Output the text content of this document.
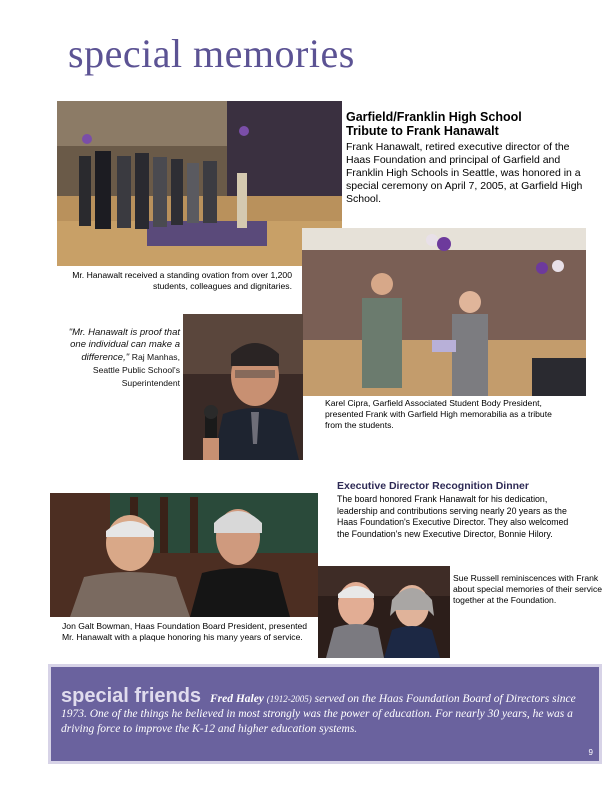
special memories
Garfield/Franklin High School
Tribute to Frank Hanawalt
Frank Hanawalt, retired executive director of the Haas Foundation and principal of Garfield and Franklin High Schools in Seattle, was honored in a special ceremony on April 7, 2005, at Garfield High School.
Mr. Hanawalt received a standing ovation from over 1,200 students, colleagues and dignitaries.
"Mr. Hanawalt is proof that one individual can make a difference," Raj Manhas,
Seattle Public School's
Superintendent
Karel Cipra, Garfield Associated Student Body President, presented Frank with Garfield High memorabilia as a tribute from the students.
Executive Director Recognition Dinner
The board honored Frank Hanawalt for his dedication, leadership and contributions serving nearly 20 years as the Haas Foundation's Executive Director. They also welcomed the Foundation's new Executive Director, Bonnie Hilory.
Sue Russell reminiscences with Frank about special memories of their service together at the Foundation.
Jon Galt Bowman, Haas Foundation Board President, presented Mr. Hanawalt with a plaque honoring his many years of service.
special friends Fred Haley (1912-2005) served on the Haas Foundation Board of Directors since 1973. One of the things he believed in most strongly was the power of education. For nearly 30 years, he was a driving force to improve the K-12 and higher education systems.
9
